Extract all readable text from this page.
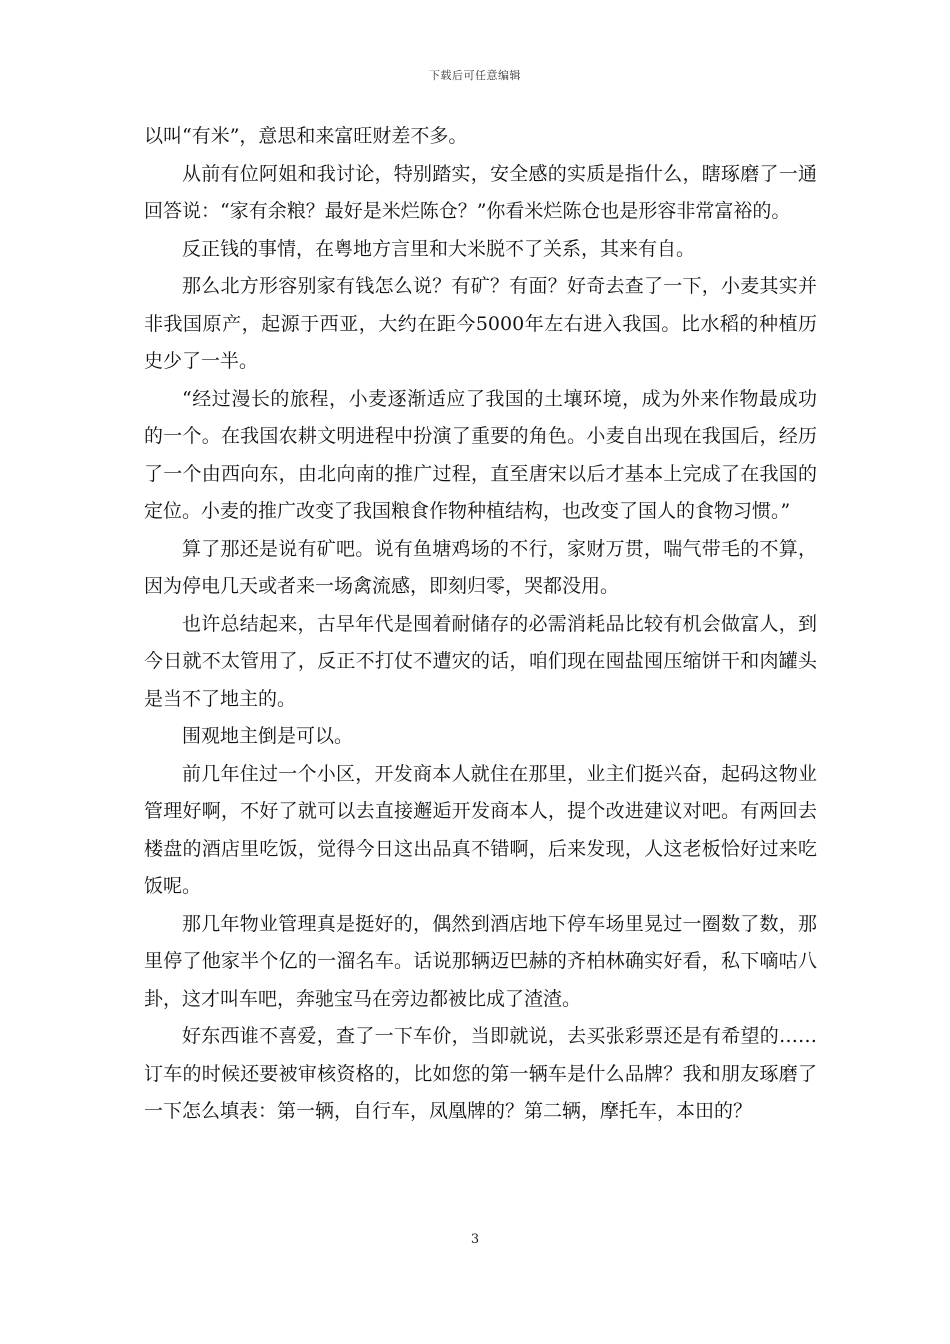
下载后可任意编辑

以叫“有米”，意思和来富旺财差不多。

从前有位阿姐和我讨论，特别踏实，安全感的实质是指什么，瞎琢磨了一通回答说：“家有余粮？最好是米烂陈仓？”你看米烂陈仓也是形容非常富裕的。

反正钱的事情，在粤地方言里和大米脱不了关系，其来有自。

那么北方形容别家有钱怎么说？有矿？有面？好奇去查了一下，小麦其实并非我国原产，起源于西亚，大约在距今5000年左右进入我国。比水稻的种植历史少了一半。

“经过漫长的旅程，小麦逐渐适应了我国的土壤环境，成为外来作物最成功的一个。在我国农耕文明进程中扮演了重要的角色。小麦自出现在我国后，经历了一个由西向东，由北向南的推广过程，直至唐宋以后才基本上完成了在我国的定位。小麦的推广改变了我国粮食作物种植结构，也改变了国人的食物习惯。”

算了那还是说有矿吧。说有鱼塘鸡场的不行，家财万贯，喘气带毛的不算，因为停电几天或者来一场禽流感，即刻归零，哭都没用。

也许总结起来，古早年代是囤着耐储存的必需消耗品比较有机会做富人，到今日就不太管用了，反正不打仗不遭灾的话，咱们现在囤盐囤压缩饼干和肉罐头是当不了地主的。

围观地主倒是可以。

前几年住过一个小区，开发商本人就住在那里，业主们挺兴奋，起码这物业管理好啊，不好了就可以去直接邂逅开发商本人，提个改进建议对吧。有两回去楼盘的酒店里吃饭，觉得今日这出品真不错啊，后来发现，人这老板恰好过来吃饭呢。

那几年物业管理真是挺好的，偶然到酒店地下停车场里晃过一圈数了数，那里停了他家半个亿的一溜名车。话说那辆迈巴赫的齐柏林确实好看，私下嘀咕八卦，这才叫车吧，奔驰宝马在旁边都被比成了渣渣。

好东西谁不喜爱，查了一下车价，当即就说，去买张彩票还是有希望的……订车的时候还要被审核资格的，比如您的第一辆车是什么品牌？我和朋友琢磨了一下怎么填表：第一辆，自行车，凤凰牌的？第二辆，摩托车，本田的？

3
